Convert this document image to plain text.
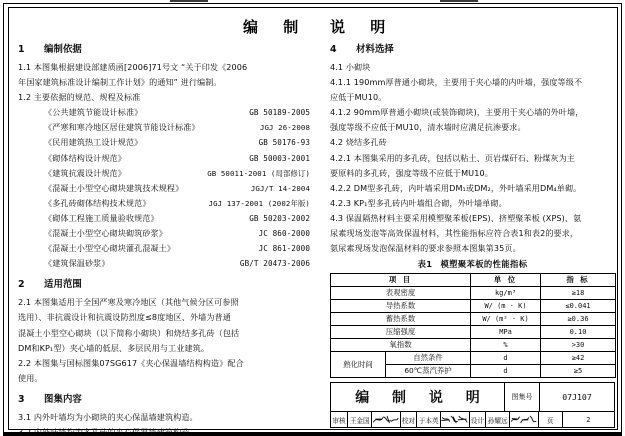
编 制 说 明
1 编制依据

1.1 本图集根据建设部建质函[2006]71号文 “关于印发《2006

年国家建筑标准设计编制工作计划》的通知” 进行编制。

1.2 主要依据的规范、规程及标准

《公共建筑节能设计标准》	GB 50189-2005
《严寒和寒冷地区居住建筑节能设计标准》	JGJ 26-2008
《民用建筑热工设计规范》	GB 50176-93
《砌体结构设计规范》	GB 50003-2001
《建筑抗震设计规范》	GB 50011-2001 (局部修订)
《混凝土小型空心砌块建筑技术规程》	JGJ/T 14-2004
《多孔砖砌体结构技术规范》	JGJ 137-2001 (2002年版)
《砌体工程施工质量验收规范》	GB 50203-2002
《混凝土小型空心砌块砌筑砂浆》	JC 860-2000
《混凝土小型空心砌块灌孔混凝土》	JC 861-2000
《建筑保温砂浆》	GB/T 20473-2006
2 适用范围

2.1 本图集适用于全国严寒及寒冷地区（其他气候分区可参照

选用）、非抗震设计和抗震设防烈度≤8度地区、外墙为普通

混凝土小型空心砌块（以下简称小砌块）和烧结多孔砖（包括

DM和KP₁型）夹心墙的低层、多层民用与工业建筑。

2.2 本图集与国标图集07SG617《夹心保温墙结构构造》配合

使用。

3 图集内容

3.1 内外叶墙均为小砌块的夹心保温墙建筑构造。

3.2 内外叶墙均为多孔砖的夹心保温墙建筑构造。

4 材料选择

4.1 小砌块

4.1.1 190mm厚普通小砌块，主要用于夹心墙的内叶墙，强度等级不

应低于MU10。

4.1.2 90mm厚普通小砌块(或装饰砌块)，主要用于夹心墙的外叶墙，

强度等级不应低于MU10，清水墙时应满足抗渗要求。

4.2 烧结多孔砖

4.2.1 本图集采用的多孔砖，包括以粘土、页岩煤矸石、粉煤灰为主

要原料的多孔砖，强度等级不应低于MU10。

4.2.2 DM型多孔砖，内叶墙采用DM₁或DM₂，外叶墙采用DM₄单砌。

4.2.3 KP₁型多孔砖内叶墙组合砌，外叶墙单砌。

4.3 保温隔热材料主要采用模塑聚苯板(EPS)、挤塑聚苯板 (XPS)、氨

尿素现场发泡等高效保温材料，其性能指标应符合表1和表2的要求，

氨尿素现场发泡保温材料的要求参照本图集第35页。

表1 模塑聚苯板的性能指标
项 目		单 位	指 标
表观密度		kg/m³	≥18
导热系数		W/ (m · K)	≤0.041
蓄热系数		W/ (m² · K)	≥0.36
压缩强度		MPa	0.10
氧指数		%	>30
熟化时间	自然条件	d	≥42
	60℃蒸汽养护	d	≥5
编 制 说 明	图集号	07J107
审核 王金国	校对 于本英	设计 孙耀远	页	2
